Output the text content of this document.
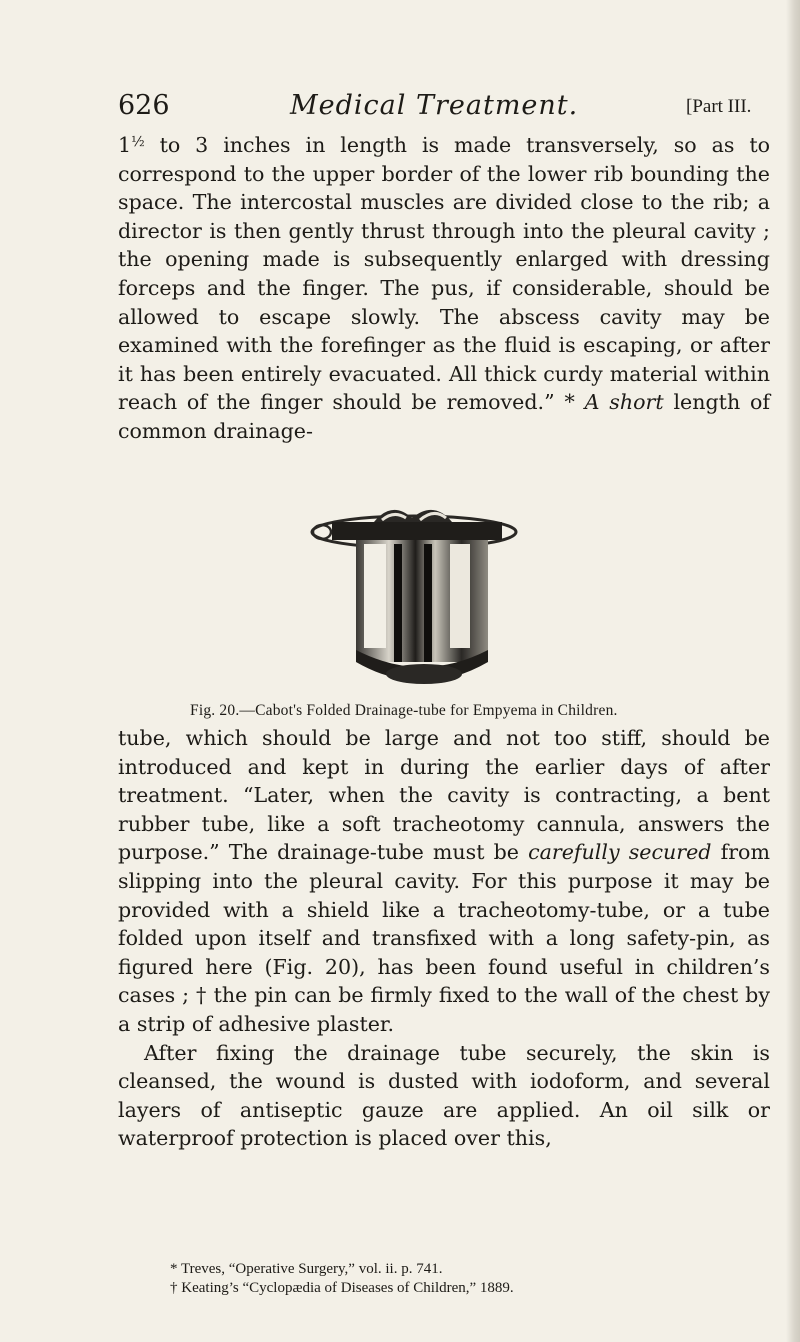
626	Medical Treatment.	[Part III.
$1^{\frac{1}{2}}$ to 3 inches in length is made transversely, so as to correspond to the upper border of the lower rib bounding the space. The intercostal muscles are divided close to the rib; a director is then gently thrust through into the pleural cavity ; the opening made is subsequently enlarged with dressing forceps and the finger. The pus, if considerable, should be allowed to escape slowly. The abscess cavity may be examined with the forefinger as the fluid is escaping, or after it has been entirely evacuated. All thick curdy material within reach of the finger should be removed.” * A short length of common drainage-
Fig. 20.—Cabot's Folded Drainage-tube for Empyema in Children.

tube, which should be large and not too stiff, should be introduced and kept in during the earlier days of after treatment. “Later, when the cavity is contracting, a bent rubber tube, like a soft tracheotomy cannula, answers the purpose.” The drainage-tube must be carefully secured from slipping into the pleural cavity. For this purpose it may be provided with a shield like a tracheotomy-tube, or a tube folded upon itself and transfixed with a long safety-pin, as figured here (Fig. 20), has been found useful in children’s cases ; † the pin can be firmly fixed to the wall of the chest by a strip of adhesive plaster.

After fixing the drainage tube securely, the skin is cleansed, the wound is dusted with iodoform, and several layers of antiseptic gauze are applied. An oil silk or waterproof protection is placed over this,

* Treves, “Operative Surgery,” vol. ii. p. 741.
† Keating’s “Cyclopædia of Diseases of Children,” 1889.
